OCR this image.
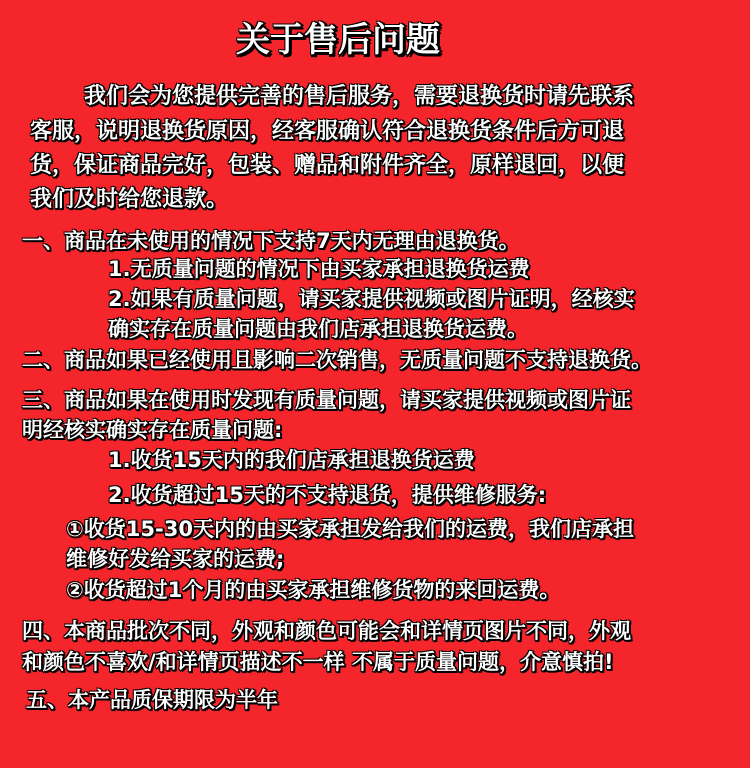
关于售后问题

我们会为您提供完善的售后服务，需要退换货时请先联系

客服，说明退换货原因，经客服确认符合退换货条件后方可退

货，保证商品完好，包装、赠品和附件齐全，原样退回，以便

我们及时给您退款。

一、商品在未使用的情况下支持7天内无理由退换货。

1.无质量问题的情况下由买家承担退换货运费

2.如果有质量问题，请买家提供视频或图片证明，经核实

确实存在质量问题由我们店承担退换货运费。

二、商品如果已经使用且影响二次销售，无质量问题不支持退换货。

三、商品如果在使用时发现有质量问题，请买家提供视频或图片证

明经核实确实存在质量问题:

1.收货15天内的我们店承担退换货运费

2.收货超过15天的不支持退货，提供维修服务:

①收货15-30天内的由买家承担发给我们的运费，我们店承担

维修好发给买家的运费;

②收货超过1个月的由买家承担维修货物的来回运费。

四、本商品批次不同，外观和颜色可能会和详情页图片不同，外观

和颜色不喜欢/和详情页描述不一样 不属于质量问题，介意慎拍!

五、本产品质保期限为半年
